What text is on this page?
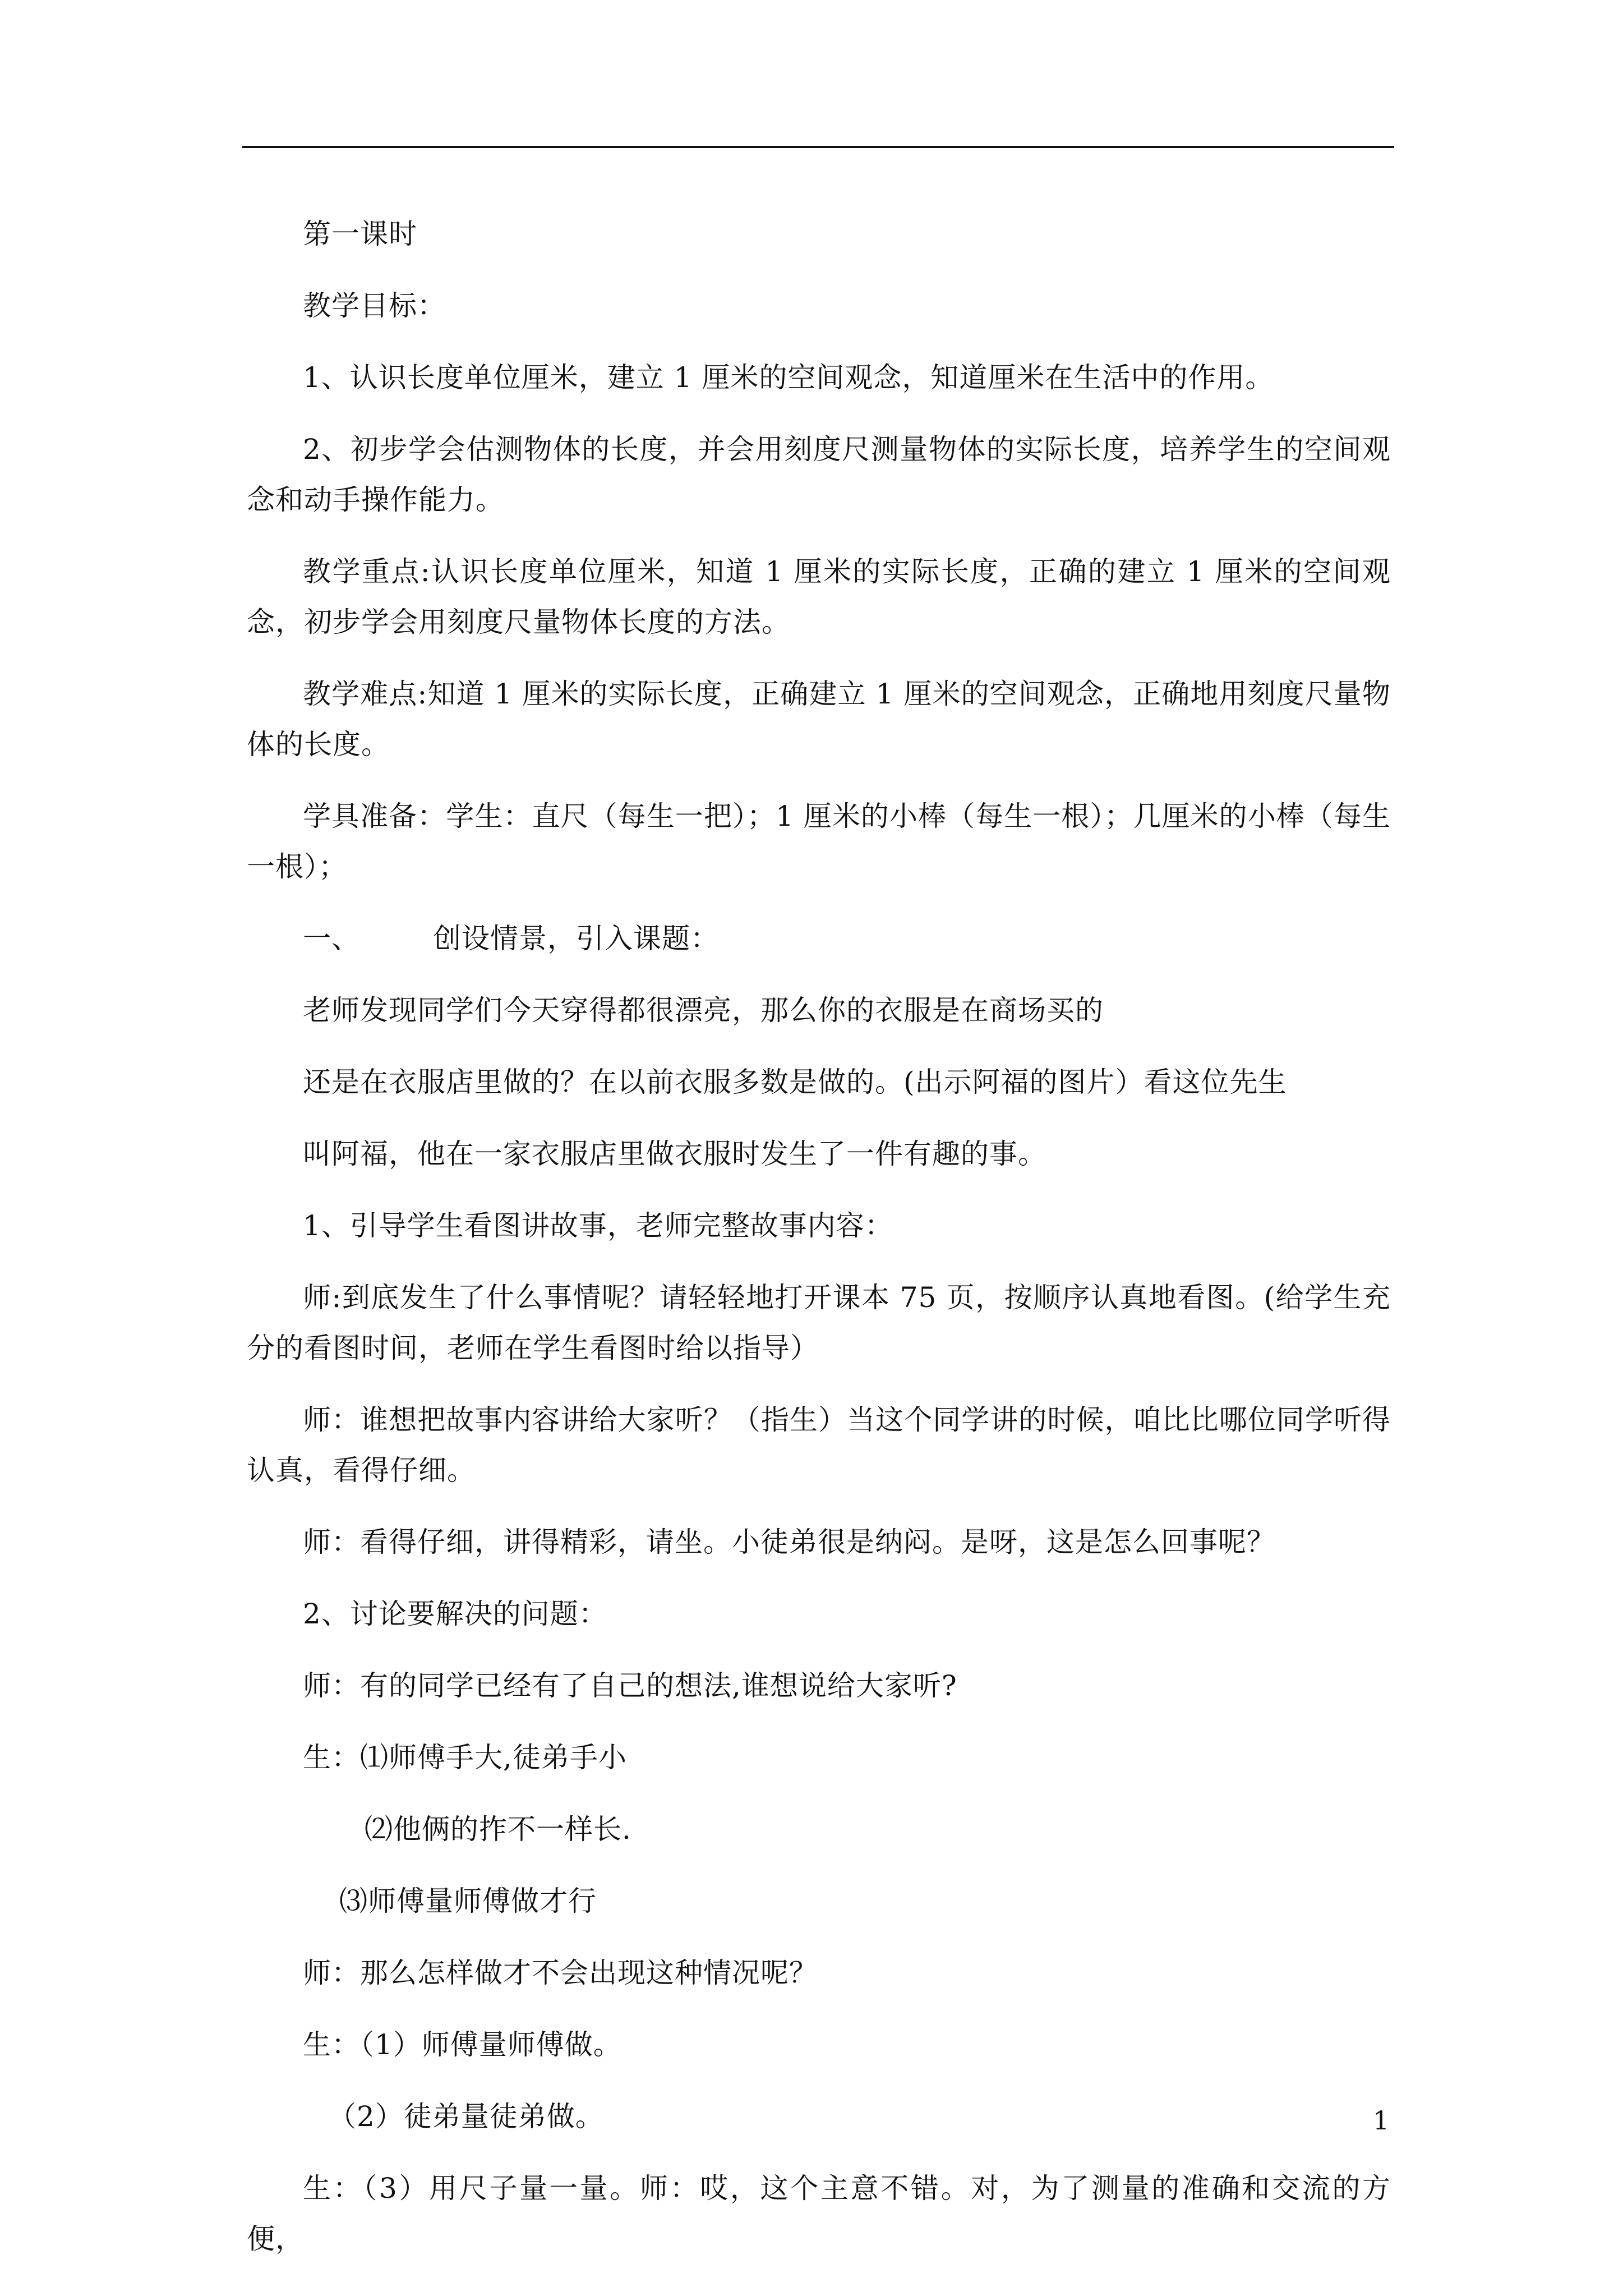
第一课时

教学目标：

1、认识长度单位厘米，建立 1 厘米的空间观念，知道厘米在生活中的作用。

2、初步学会估测物体的长度，并会用刻度尺测量物体的实际长度，培养学生的空间观念和动手操作能力。

教学重点:认识长度单位厘米，知道 1 厘米的实际长度，正确的建立 1 厘米的空间观念，初步学会用刻度尺量物体长度的方法。

教学难点:知道 1 厘米的实际长度，正确建立 1 厘米的空间观念，正确地用刻度尺量物体的长度。

学具准备：学生：直尺（每生一把）；1 厘米的小棒（每生一根）；几厘米的小棒（每生一根）；

一、	创设情景，引入课题：

老师发现同学们今天穿得都很漂亮，那么你的衣服是在商场买的

还是在衣服店里做的？在以前衣服多数是做的。(出示阿福的图片）看这位先生

叫阿福，他在一家衣服店里做衣服时发生了一件有趣的事。

1、引导学生看图讲故事，老师完整故事内容：

师:到底发生了什么事情呢？请轻轻地打开课本 75 页，按顺序认真地看图。(给学生充分的看图时间，老师在学生看图时给以指导）

师：谁想把故事内容讲给大家听？（指生）当这个同学讲的时候，咱比比哪位同学听得认真，看得仔细。

师：看得仔细，讲得精彩，请坐。小徒弟很是纳闷。是呀，这是怎么回事呢？

2、讨论要解决的问题：

师：有的同学已经有了自己的想法,谁想说给大家听?

生：⑴师傅手大,徒弟手小

⑵他俩的拃不一样长.

⑶师傅量师傅做才行

师：那么怎样做才不会出现这种情况呢？

生：（1）师傅量师傅做。

（2）徒弟量徒弟做。

生：（3）用尺子量一量。师：哎，这个主意不错。对，为了测量的准确和交流的方便，

1
